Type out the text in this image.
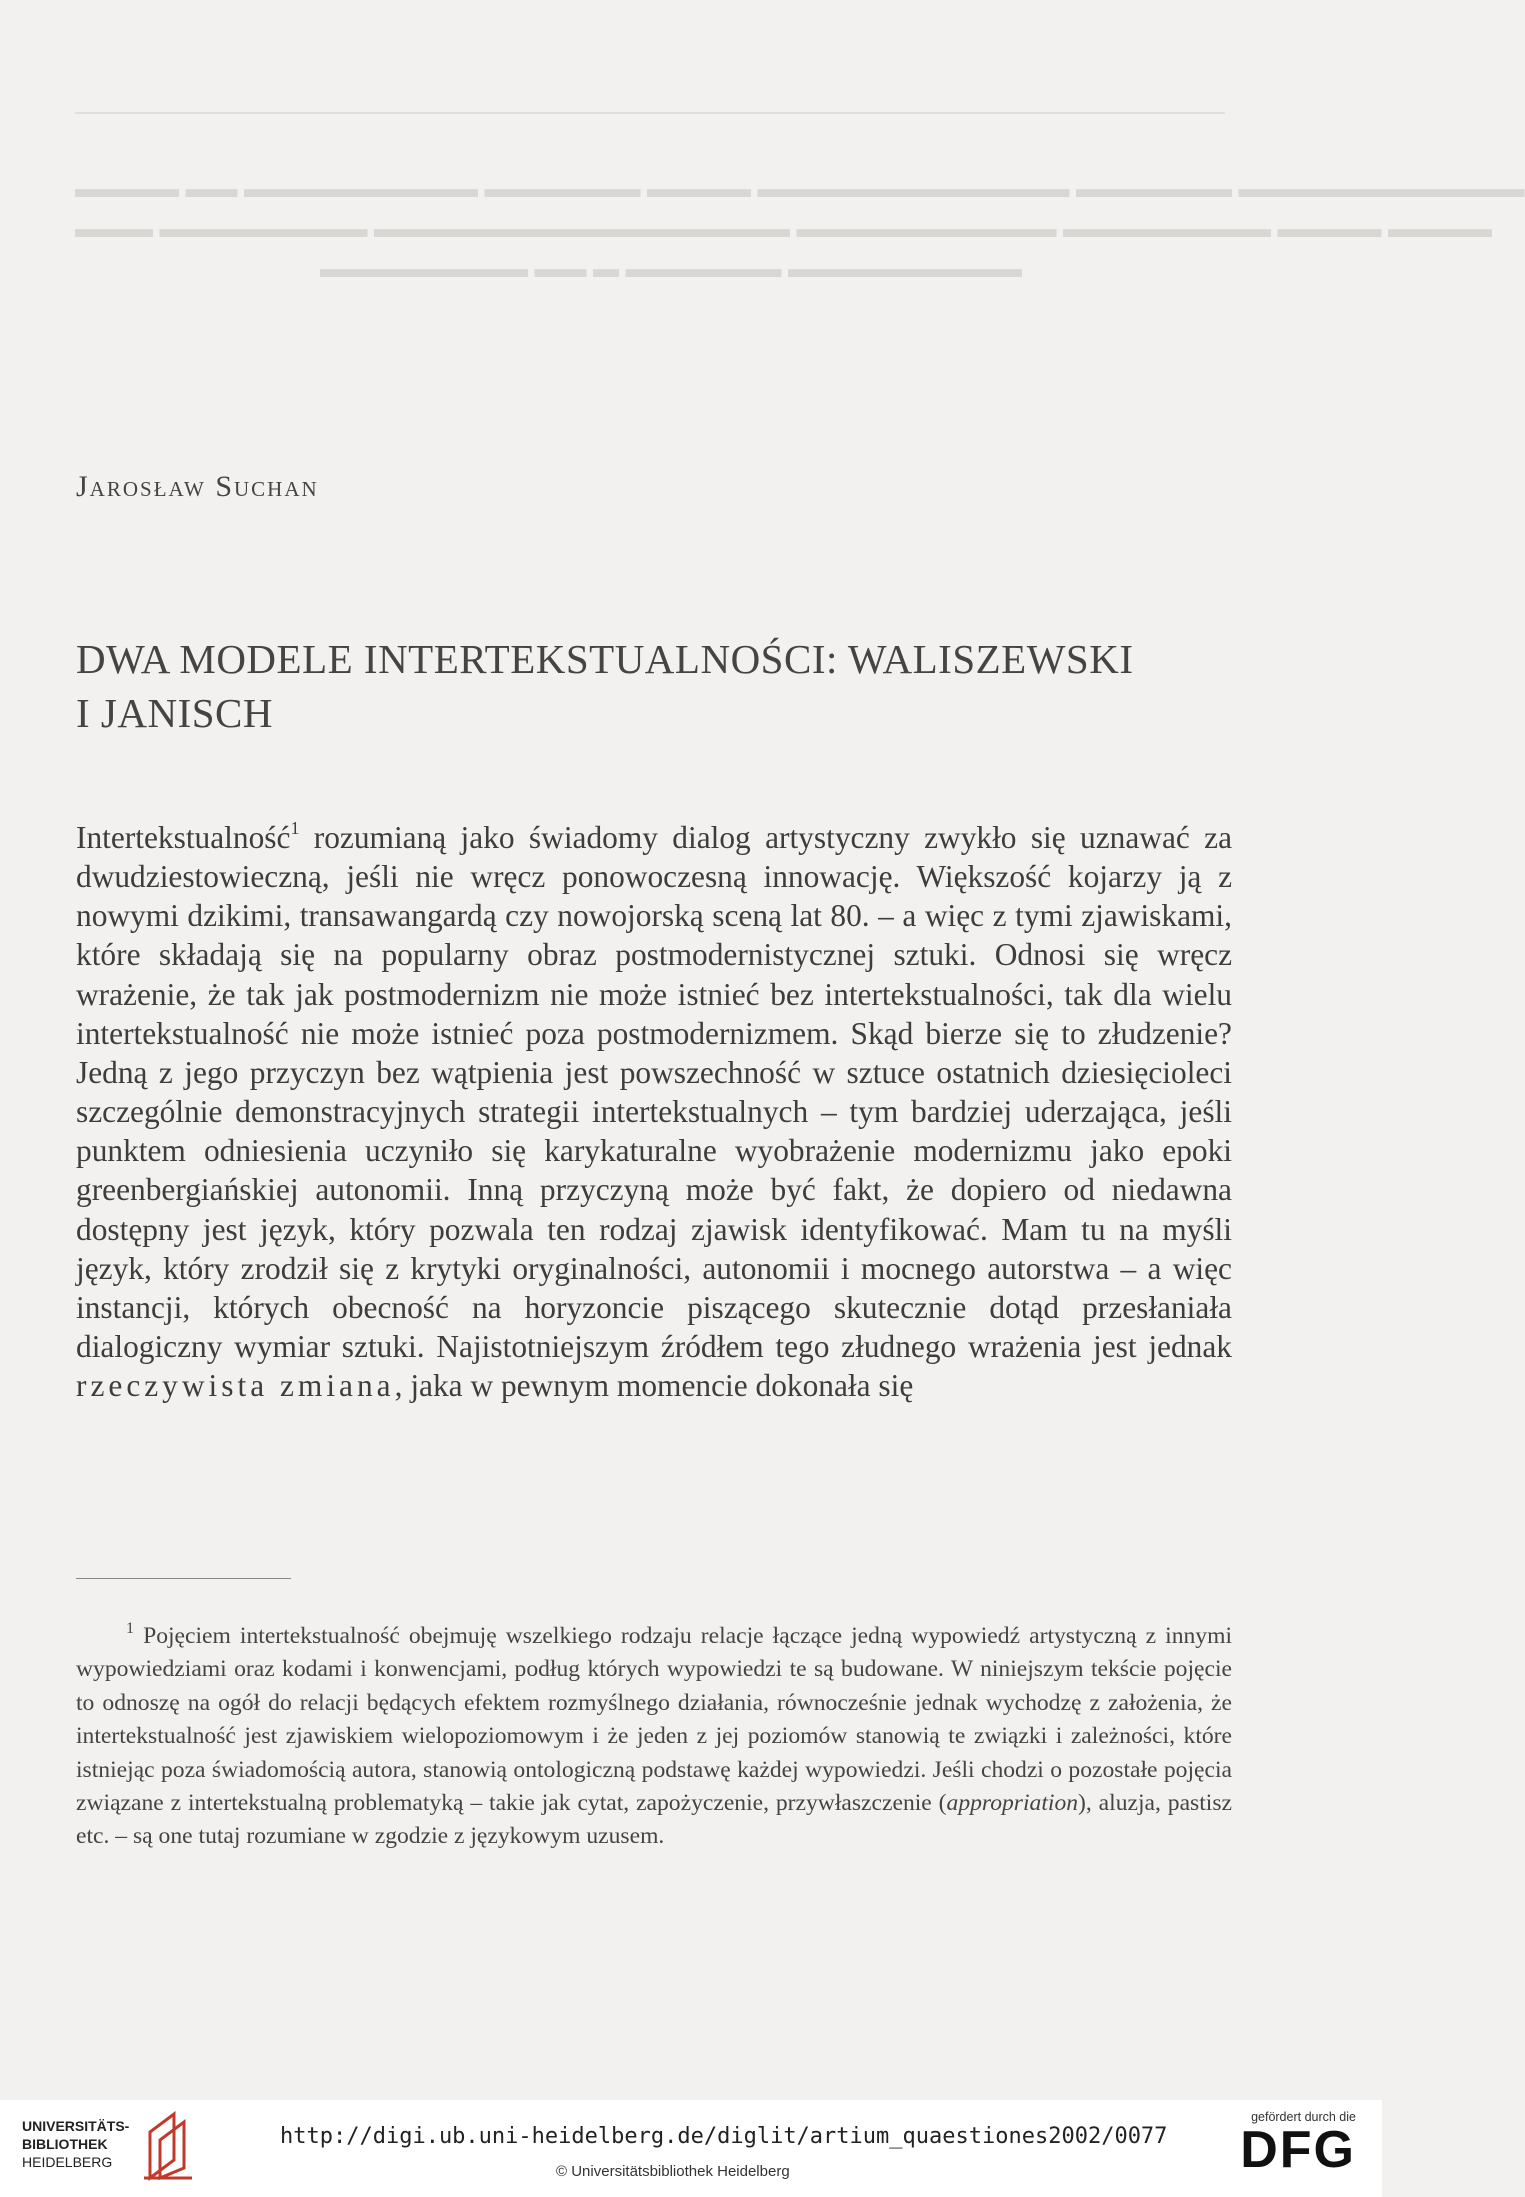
▬▬▬▬ ▬▬ ▬▬▬▬▬▬▬▬▬ ▬▬▬▬▬▬ ▬▬▬▬ ▬▬▬▬▬▬▬▬▬▬▬▬ ▬▬▬▬▬▬ ▬▬▬▬▬▬▬▬▬▬▬
▬▬▬ ▬▬▬▬▬▬▬▬ ▬▬▬▬▬▬▬▬▬▬▬▬▬▬▬▬ ▬▬▬▬▬▬▬▬▬▬ ▬▬▬▬▬▬▬▬ ▬▬▬▬ ▬▬▬▬
▬▬▬▬▬▬▬▬ ▬▬ ▬ ▬▬▬▬▬▬ ▬▬▬▬▬▬▬▬▬
Jarosław Suchan
DWA MODELE INTERTEKSTUALNOŚCI: WALISZEWSKI
I JANISCH

Intertekstualność$^1$ rozumianą jako świadomy dialog artystyczny zwykło się uznawać za dwudziestowieczną, jeśli nie wręcz ponowoczesną innowację. Większość kojarzy ją z nowymi dzikimi, transawangardą czy nowojorską sceną lat 80. – a więc z tymi zjawiskami, które składają się na popularny obraz postmodernistycznej sztuki. Odnosi się wręcz wrażenie, że tak jak postmodernizm nie może istnieć bez intertekstualności, tak dla wielu intertekstualność nie może istnieć poza postmodernizmem. Skąd bierze się to złudzenie? Jedną z jego przyczyn bez wątpienia jest powszechność w sztuce ostatnich dziesięcioleci szczególnie demonstracyjnych strategii intertekstualnych – tym bardziej uderzająca, jeśli punktem odniesienia uczyniło się karykaturalne wyobrażenie modernizmu jako epoki greenbergiańskiej autonomii. Inną przyczyną może być fakt, że dopiero od niedawna dostępny jest język, który pozwala ten rodzaj zjawisk identyfikować. Mam tu na myśli język, który zrodził się z krytyki oryginalności, autonomii i mocnego autorstwa – a więc instancji, których obecność na horyzoncie piszącego skutecznie dotąd przesłaniała dialogiczny wymiar sztuki. Najistotniejszym źródłem tego złudnego wrażenia jest jednak rzeczywista zmiana, jaka w pewnym momencie dokonała się

$^1$ Pojęciem intertekstualność obejmuję wszelkiego rodzaju relacje łączące jedną wypowiedź artystyczną z innymi wypowiedziami oraz kodami i konwencjami, podług których wypowiedzi te są budowane. W niniejszym tekście pojęcie to odnoszę na ogół do relacji będących efektem rozmyślnego działania, równocześnie jednak wychodzę z założenia, że intertekstualność jest zjawiskiem wielopoziomowym i że jeden z jej poziomów stanowią te związki i zależności, które istniejąc poza świadomością autora, stanowią ontologiczną podstawę każdej wypowiedzi. Jeśli chodzi o pozostałe pojęcia związane z intertekstualną problematyką – takie jak cytat, zapożyczenie, przywłaszczenie (appropriation), aluzja, pastisz etc. – są one tutaj rozumiane w zgodzie z językowym uzusem.

UNIVERSITÄTS-
BIBLIOTHEK
HEIDELBERG
http://digi.ub.uni-heidelberg.de/diglit/artium_quaestiones2002/0077
© Universitätsbibliothek Heidelberg
gefördert durch die
DFG
